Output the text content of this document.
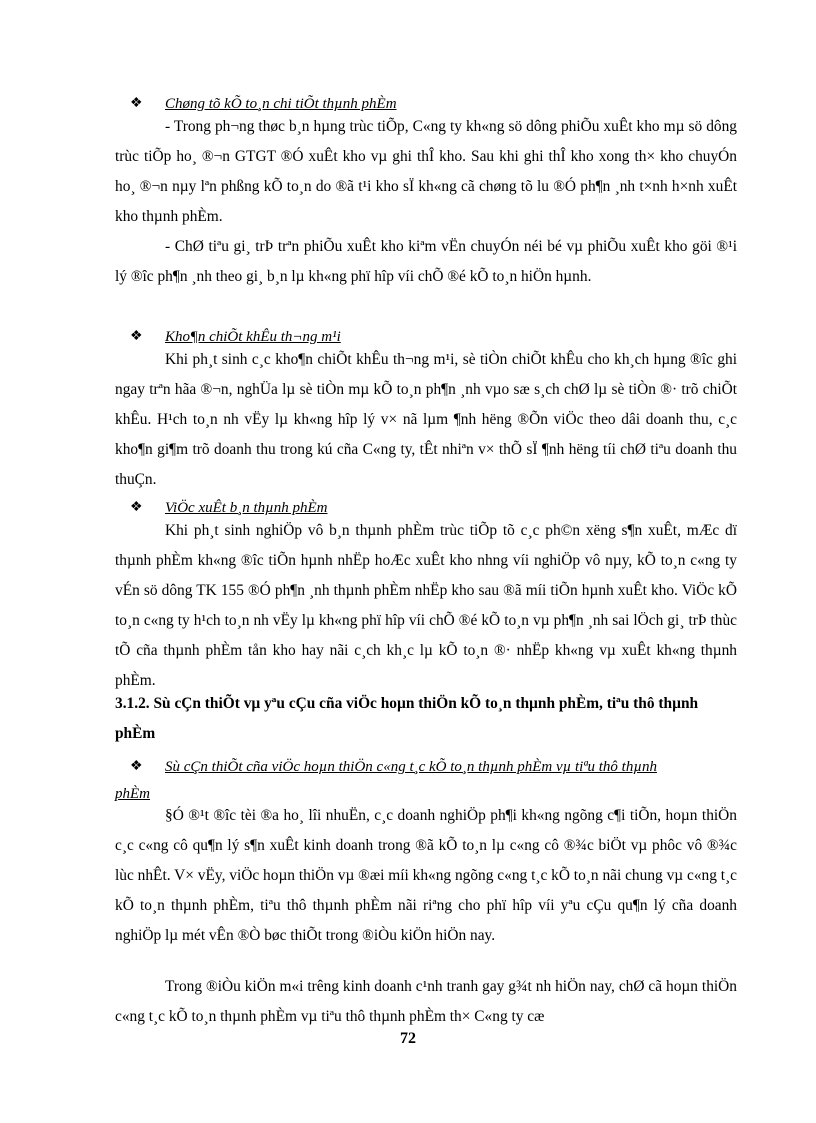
❖ Chøng tõ kÕ to¸n chi tiÕt thµnh phÈm

- Trong ph¬ng thøc b¸n hµng trùc tiÕp, C«ng ty kh«ng sö dông phiÕu xuÊt kho mµ sö dông trùc tiÕp ho¸ ®¬n GTGT ®Ó xuÊt kho vµ ghi thÎ kho. Sau khi ghi thÎ kho xong th× kho chuyÓn ho¸ ®¬n nµy lªn phßng kÕ to¸n do ®ã t¹i kho sÏ kh«ng cã chøng tõ lu ®Ó ph¶n ¸nh t×nh h×nh xuÊt kho thµnh phÈm.

- ChØ tiªu gi¸ trÞ trªn phiÕu xuÊt kho kiªm vËn chuyÓn néi bé vµ phiÕu xuÊt kho göi ®¹i lý ®îc ph¶n ¸nh theo gi¸ b¸n lµ kh«ng phï hîp víi chÕ ®é kÕ to¸n hiÖn hµnh.

❖ Kho¶n chiÕt khÊu th¬ng m¹i

Khi ph¸t sinh c¸c kho¶n chiÕt khÊu th¬ng m¹i, sè tiÒn chiÕt khÊu cho kh¸ch hµng ®îc ghi ngay trªn hãa ®¬n, nghÜa lµ sè tiÒn mµ kÕ to¸n ph¶n ¸nh vµo sæ s¸ch chØ lµ sè tiÒn ®· trõ chiÕt khÊu. H¹ch to¸n nh vËy lµ kh«ng hîp lý v× nã lµm ¶nh hëng ®Õn viÖc theo dâi doanh thu, c¸c kho¶n gi¶m trõ doanh thu trong kú cña C«ng ty, tÊt nhiªn v× thÕ sÏ ¶nh hëng tíi chØ tiªu doanh thu thuÇn.

❖ ViÖc xuÊt b¸n thµnh phÈm

Khi ph¸t sinh nghiÖp vô b¸n thµnh phÈm trùc tiÕp tõ c¸c ph©n xëng s¶n xuÊt, mÆc dï thµnh phÈm kh«ng ®îc tiÕn hµnh nhËp hoÆc xuÊt kho nhng víi nghiÖp vô nµy, kÕ to¸n c«ng ty vÉn sö dông TK 155 ®Ó ph¶n ¸nh thµnh phÈm nhËp kho sau ®ã míi tiÕn hµnh xuÊt kho. ViÖc kÕ to¸n c«ng ty h¹ch to¸n nh vËy lµ kh«ng phï hîp víi chÕ ®é kÕ to¸n vµ ph¶n ¸nh sai lÖch gi¸ trÞ thùc tÕ cña thµnh phÈm tån kho hay nãi c¸ch kh¸c lµ kÕ to¸n ®· nhËp kh«ng vµ xuÊt kh«ng thµnh phÈm.

3.1.2. Sù cÇn thiÕt vµ yªu cÇu cña viÖc hoµn thiÖn kÕ to¸n thµnh phÈm, tiªu thô thµnh phÈm
❖ Sù cÇn thiÕt cña viÖc hoµn thiÖn c«ng t¸c kÕ to¸n thµnh phÈm vµ tiªu thô thµnh
phÈm

§Ó ®¹t ®îc tèi ®a ho¸ lîi nhuËn, c¸c doanh nghiÖp ph¶i kh«ng ngõng c¶i tiÕn, hoµn thiÖn c¸c c«ng cô qu¶n lý s¶n xuÊt kinh doanh trong ®ã kÕ to¸n lµ c«ng cô ®¾c biÖt vµ phôc vô ®¾c lùc nhÊt. V× vËy, viÖc hoµn thiÖn vµ ®æi míi kh«ng ngõng c«ng t¸c kÕ to¸n nãi chung vµ c«ng t¸c kÕ to¸n thµnh phÈm, tiªu thô thµnh phÈm nãi riªng cho phï hîp víi yªu cÇu qu¶n lý cña doanh nghiÖp lµ mét vÊn ®Ò bøc thiÕt trong ®iÒu kiÖn hiÖn nay.

Trong ®iÒu kiÖn m«i trêng kinh doanh c¹nh tranh gay g¾t nh hiÖn nay, chØ cã hoµn thiÖn c«ng t¸c kÕ to¸n thµnh phÈm vµ tiªu thô thµnh phÈm th× C«ng ty cæ

72
